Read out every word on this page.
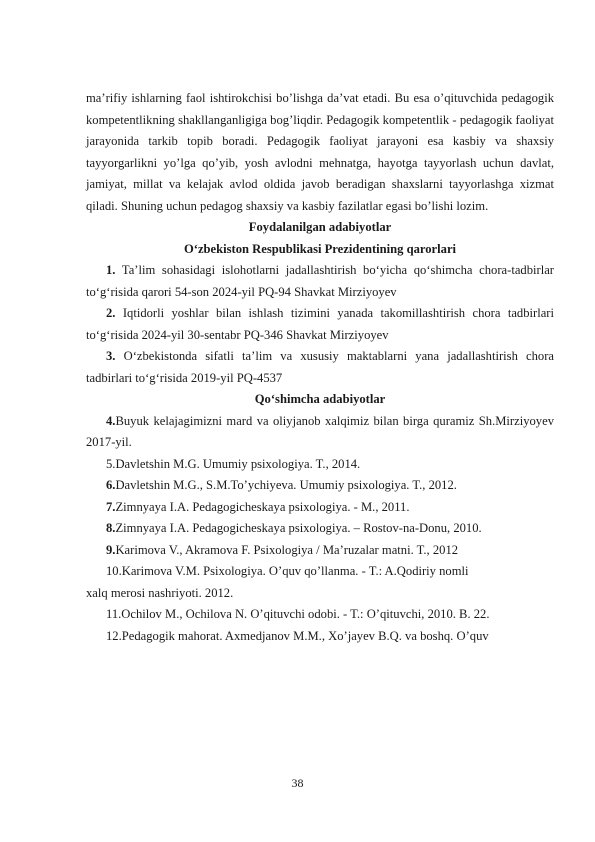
ma’rifiy ishlarning faol ishtirokchisi bo’lishga da’vat etadi. Bu esa o’qituvchida pedagogik kompetentlikning shakllanganligiga bog’liqdir. Pedagogik kompetentlik - pedagogik faoliyat jarayonida tarkib topib boradi. Pedagogik faoliyat jarayoni esa kasbiy va shaxsiy tayyorgarlikni yo’lga qo’yib, yosh avlodni mehnatga, hayotga tayyorlash uchun davlat, jamiyat, millat va kelajak avlod oldida javob beradigan shaxslarni tayyorlashga xizmat qiladi. Shuning uchun pedagog shaxsiy va kasbiy fazilatlar egasi bo’lishi lozim.

Foydalanilgan adabiyotlar

O‘zbekiston Respublikasi Prezidentining qarorlari

1. Ta’lim sohasidagi islohotlarni jadallashtirish bo‘yicha qo‘shimcha chora-tadbirlar to‘g‘risida qarori 54-son 2024-yil PQ-94 Shavkat Mirziyoyev

2. Iqtidorli yoshlar bilan ishlash tizimini yanada takomillashtirish chora tadbirlari to‘g‘risida 2024-yil 30-sentabr PQ-346 Shavkat Mirziyoyev

3. O‘zbekistonda sifatli ta’lim va xususiy maktablarni yana jadallashtirish chora tadbirlari to‘g‘risida 2019-yil PQ-4537

Qo‘shimcha adabiyotlar

4.Buyuk kelajagimizni mard va oliyjanob xalqimiz bilan birga quramiz Sh.Mirziyoyev 2017-yil.

5.Davletshin M.G. Umumiy psixologiya. T., 2014.

6.Davletshin M.G., S.M.To’ychiyeva. Umumiy psixologiya. T., 2012.

7.Zimnyaya I.A. Pedagogicheskaya psixologiya. - M., 2011.

8.Zimnyaya I.A. Pedagogicheskaya psixologiya. – Rostov-na-Donu, 2010.

9.Karimova V., Akramova F. Psixologiya / Ma’ruzalar matni. T., 2012

10.Karimova V.M. Psixologiya. O’quv qo’llanma. - T.: A.Qodiriy nomli

xalq merosi nashriyoti. 2012.

11.Ochilov M., Ochilova N. O’qituvchi odobi. - T.: O’qituvchi, 2010. B. 22.

12.Pedagogik mahorat. Axmedjanov M.M., Xo’jayev B.Q. va boshq. O’quv

38
